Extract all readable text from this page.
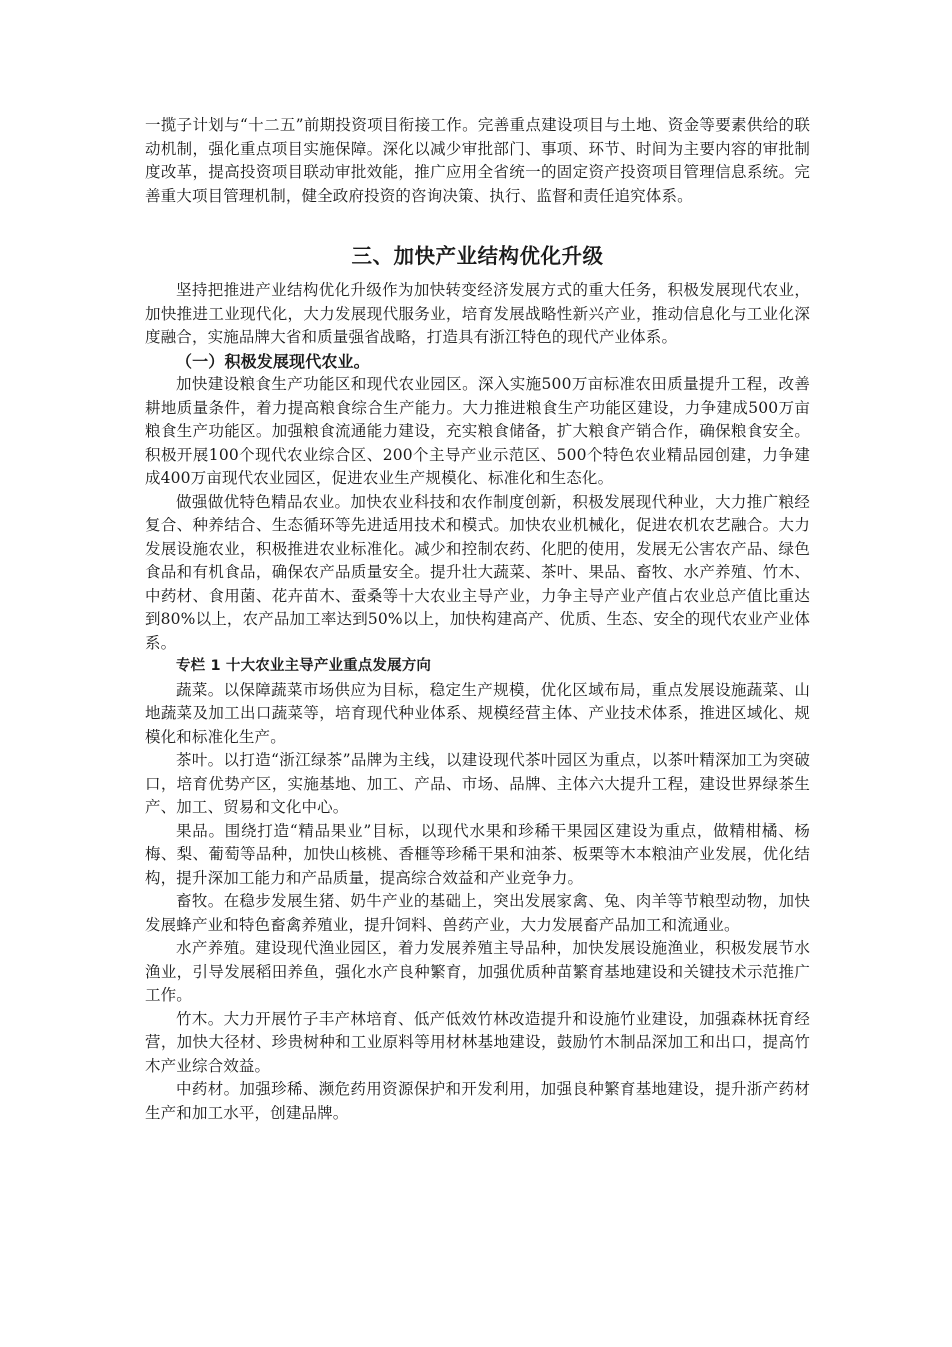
一揽子计划与“十二五”前期投资项目衔接工作。完善重点建设项目与土地、资金等要素供给的联动机制，强化重点项目实施保障。深化以减少审批部门、事项、环节、时间为主要内容的审批制度改革，提高投资项目联动审批效能，推广应用全省统一的固定资产投资项目管理信息系统。完善重大项目管理机制，健全政府投资的咨询决策、执行、监督和责任追究体系。

三、加快产业结构优化升级

坚持把推进产业结构优化升级作为加快转变经济发展方式的重大任务，积极发展现代农业，加快推进工业现代化，大力发展现代服务业，培育发展战略性新兴产业，推动信息化与工业化深度融合，实施品牌大省和质量强省战略，打造具有浙江特色的现代产业体系。

（一）积极发展现代农业。

加快建设粮食生产功能区和现代农业园区。深入实施500万亩标准农田质量提升工程，改善耕地质量条件，着力提高粮食综合生产能力。大力推进粮食生产功能区建设，力争建成500万亩粮食生产功能区。加强粮食流通能力建设，充实粮食储备，扩大粮食产销合作，确保粮食安全。积极开展100个现代农业综合区、200个主导产业示范区、500个特色农业精品园创建，力争建成400万亩现代农业园区，促进农业生产规模化、标准化和生态化。

做强做优特色精品农业。加快农业科技和农作制度创新，积极发展现代种业，大力推广粮经复合、种养结合、生态循环等先进适用技术和模式。加快农业机械化，促进农机农艺融合。大力发展设施农业，积极推进农业标准化。减少和控制农药、化肥的使用，发展无公害农产品、绿色食品和有机食品，确保农产品质量安全。提升壮大蔬菜、茶叶、果品、畜牧、水产养殖、竹木、中药材、食用菌、花卉苗木、蚕桑等十大农业主导产业，力争主导产业产值占农业总产值比重达到80%以上，农产品加工率达到50%以上，加快构建高产、优质、生态、安全的现代农业产业体系。

专栏 1 十大农业主导产业重点发展方向

蔬菜。以保障蔬菜市场供应为目标，稳定生产规模，优化区域布局，重点发展设施蔬菜、山地蔬菜及加工出口蔬菜等，培育现代种业体系、规模经营主体、产业技术体系，推进区域化、规模化和标准化生产。

茶叶。以打造“浙江绿茶”品牌为主线，以建设现代茶叶园区为重点，以茶叶精深加工为突破口，培育优势产区，实施基地、加工、产品、市场、品牌、主体六大提升工程，建设世界绿茶生产、加工、贸易和文化中心。

果品。围绕打造“精品果业”目标，以现代水果和珍稀干果园区建设为重点，做精柑橘、杨梅、梨、葡萄等品种，加快山核桃、香榧等珍稀干果和油茶、板栗等木本粮油产业发展，优化结构，提升深加工能力和产品质量，提高综合效益和产业竞争力。

畜牧。在稳步发展生猪、奶牛产业的基础上，突出发展家禽、兔、肉羊等节粮型动物，加快发展蜂产业和特色畜禽养殖业，提升饲料、兽药产业，大力发展畜产品加工和流通业。

水产养殖。建设现代渔业园区，着力发展养殖主导品种，加快发展设施渔业，积极发展节水渔业，引导发展稻田养鱼，强化水产良种繁育，加强优质种苗繁育基地建设和关键技术示范推广工作。

竹木。大力开展竹子丰产林培育、低产低效竹林改造提升和设施竹业建设，加强森林抚育经营，加快大径材、珍贵树种和工业原料等用材林基地建设，鼓励竹木制品深加工和出口，提高竹木产业综合效益。

中药材。加强珍稀、濒危药用资源保护和开发利用，加强良种繁育基地建设，提升浙产药材生产和加工水平，创建品牌。
